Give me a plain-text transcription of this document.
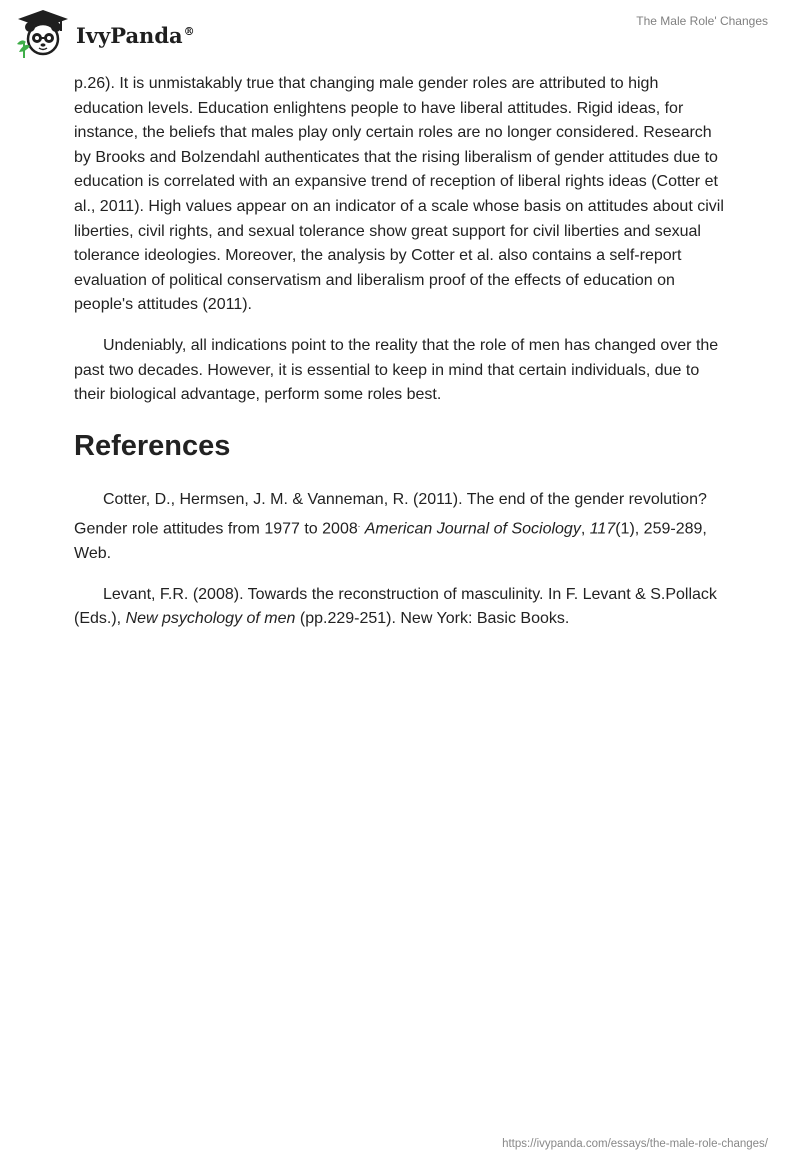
IvyPanda®
The Male Role' Changes

p.26). It is unmistakably true that changing male gender roles are attributed to high education levels. Education enlightens people to have liberal attitudes. Rigid ideas, for instance, the beliefs that males play only certain roles are no longer considered. Research by Brooks and Bolzendahl authenticates that the rising liberalism of gender attitudes due to education is correlated with an expansive trend of reception of liberal rights ideas (Cotter et al., 2011). High values appear on an indicator of a scale whose basis on attitudes about civil liberties, civil rights, and sexual tolerance show great support for civil liberties and sexual tolerance ideologies. Moreover, the analysis by Cotter et al. also contains a self-report evaluation of political conservatism and liberalism proof of the effects of education on people's attitudes (2011).

Undeniably, all indications point to the reality that the role of men has changed over the past two decades. However, it is essential to keep in mind that certain individuals, due to their biological advantage, perform some roles best.

References

Cotter, D., Hermsen, J. M. & Vanneman, R. (2011). The end of the gender revolution? Gender role attitudes from 1977 to 2008. American Journal of Sociology, 117(1), 259-289, Web.

Levant, F.R. (2008). Towards the reconstruction of masculinity. In F. Levant & S.Pollack (Eds.), New psychology of men (pp.229-251). New York: Basic Books.

https://ivypanda.com/essays/the-male-role-changes/
